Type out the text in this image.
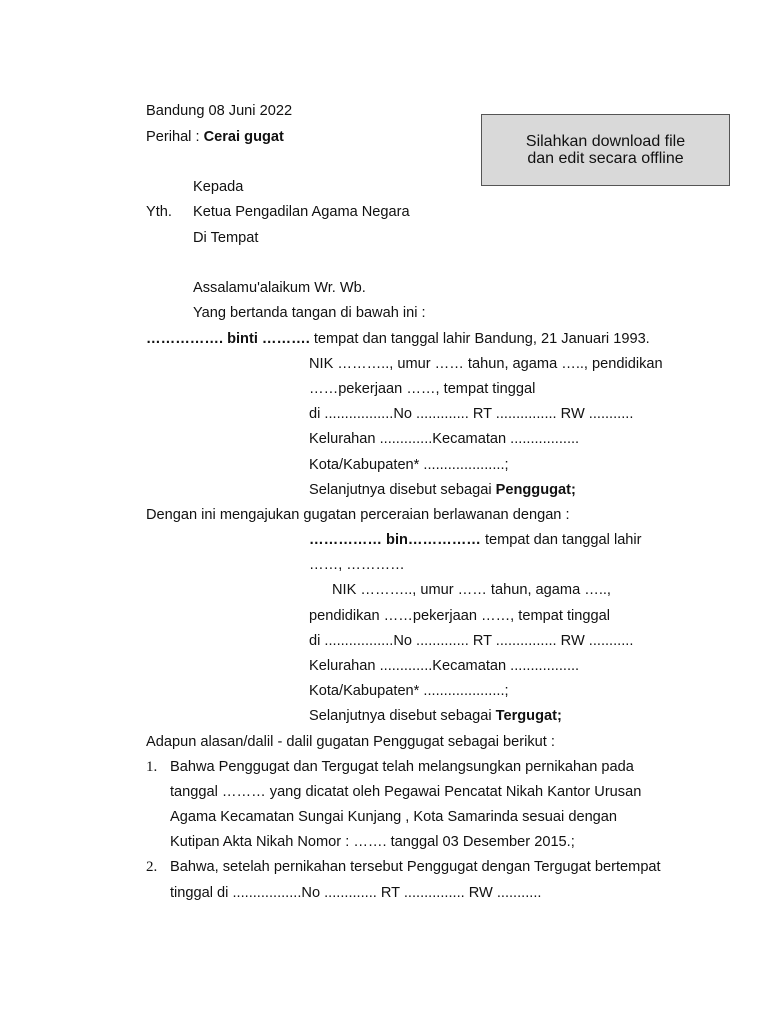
Bandung 08 Juni 2022
Perihal : Cerai gugat	Silahkan download file
dan edit secara offline
Kepada
Yth. Ketua Pengadilan Agama Negara
Di Tempat
Assalamu'alaikum Wr. Wb.
Yang bertanda tangan di bawah ini :
……………. binti ………. tempat dan tanggal lahir Bandung, 21 Januari 1993.
NIK ……….., umur …… tahun, agama ….., pendidikan
……pekerjaan ……, tempat tinggal
di .................No ............. RT ............... RW ...........
Kelurahan .............Kecamatan .................
Kota/Kabupaten* ....................;
Selanjutnya disebut sebagai Penggugat;
Dengan ini mengajukan gugatan perceraian berlawanan dengan :
…………… bin…………… tempat dan tanggal lahir
……, …………
NIK ……….., umur …… tahun, agama …..,
pendidikan ……pekerjaan ……, tempat tinggal
di .................No ............. RT ............... RW ...........
Kelurahan .............Kecamatan .................
Kota/Kabupaten* ....................;
Selanjutnya disebut sebagai Tergugat;
Adapun alasan/dalil - dalil gugatan Penggugat sebagai berikut :
1. Bahwa Penggugat dan Tergugat telah melangsungkan pernikahan pada
tanggal ……… yang dicatat oleh Pegawai Pencatat Nikah Kantor Urusan
Agama Kecamatan Sungai Kunjang , Kota Samarinda sesuai dengan
Kutipan Akta Nikah Nomor : ……. tanggal 03 Desember 2015.;
2. Bahwa, setelah pernikahan tersebut Penggugat dengan Tergugat bertempat
tinggal di .................No ............. RT ............... RW ...........
